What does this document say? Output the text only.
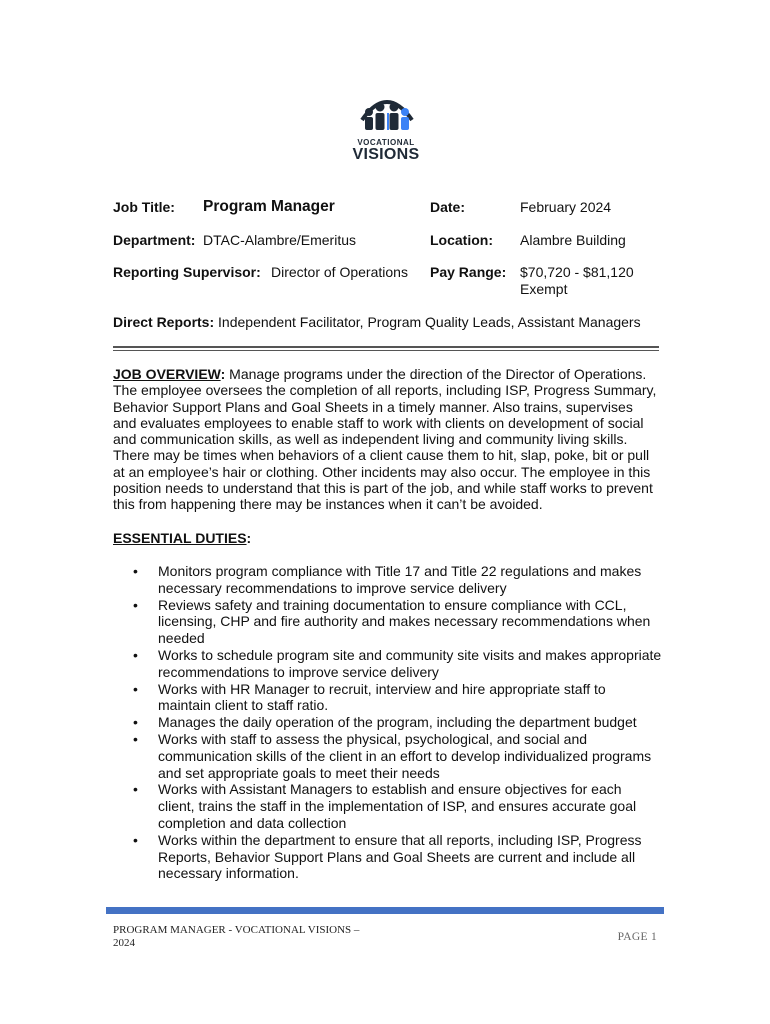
VOCATIONAL
VISIONS
Job Title: Program Manager	Date:	February 2024
Department: DTAC-Alambre/Emeritus	Location: Alambre Building
Reporting Supervisor: Director of Operations Pay Range: $70,720 - $81,120
Exempt
Direct Reports: Independent Facilitator, Program Quality Leads, Assistant Managers
JOB OVERVIEW: Manage programs under the direction of the Director of Operations.
The employee oversees the completion of all reports, including ISP, Progress Summary,
Behavior Support Plans and Goal Sheets in a timely manner. Also trains, supervises
and evaluates employees to enable staff to work with clients on development of social
and communication skills, as well as independent living and community living skills.
There may be times when behaviors of a client cause them to hit, slap, poke, bit or pull
at an employee’s hair or clothing. Other incidents may also occur. The employee in this
position needs to understand that this is part of the job, and while staff works to prevent
this from happening there may be instances when it can’t be avoided.
ESSENTIAL DUTIES:
• Monitors program compliance with Title 17 and Title 22 regulations and makes
necessary recommendations to improve service delivery
• Reviews safety and training documentation to ensure compliance with CCL,
licensing, CHP and fire authority and makes necessary recommendations when
needed
• Works to schedule program site and community site visits and makes appropriate
recommendations to improve service delivery
• Works with HR Manager to recruit, interview and hire appropriate staff to
maintain client to staff ratio.
• Manages the daily operation of the program, including the department budget
• Works with staff to assess the physical, psychological, and social and
communication skills of the client in an effort to develop individualized programs
and set appropriate goals to meet their needs
• Works with Assistant Managers to establish and ensure objectives for each
client, trains the staff in the implementation of ISP, and ensures accurate goal
completion and data collection
• Works within the department to ensure that all reports, including ISP, Progress
Reports, Behavior Support Plans and Goal Sheets are current and include all
necessary information.
PROGRAM MANAGER - VOCATIONAL VISIONS –
2024	PAGE 1
